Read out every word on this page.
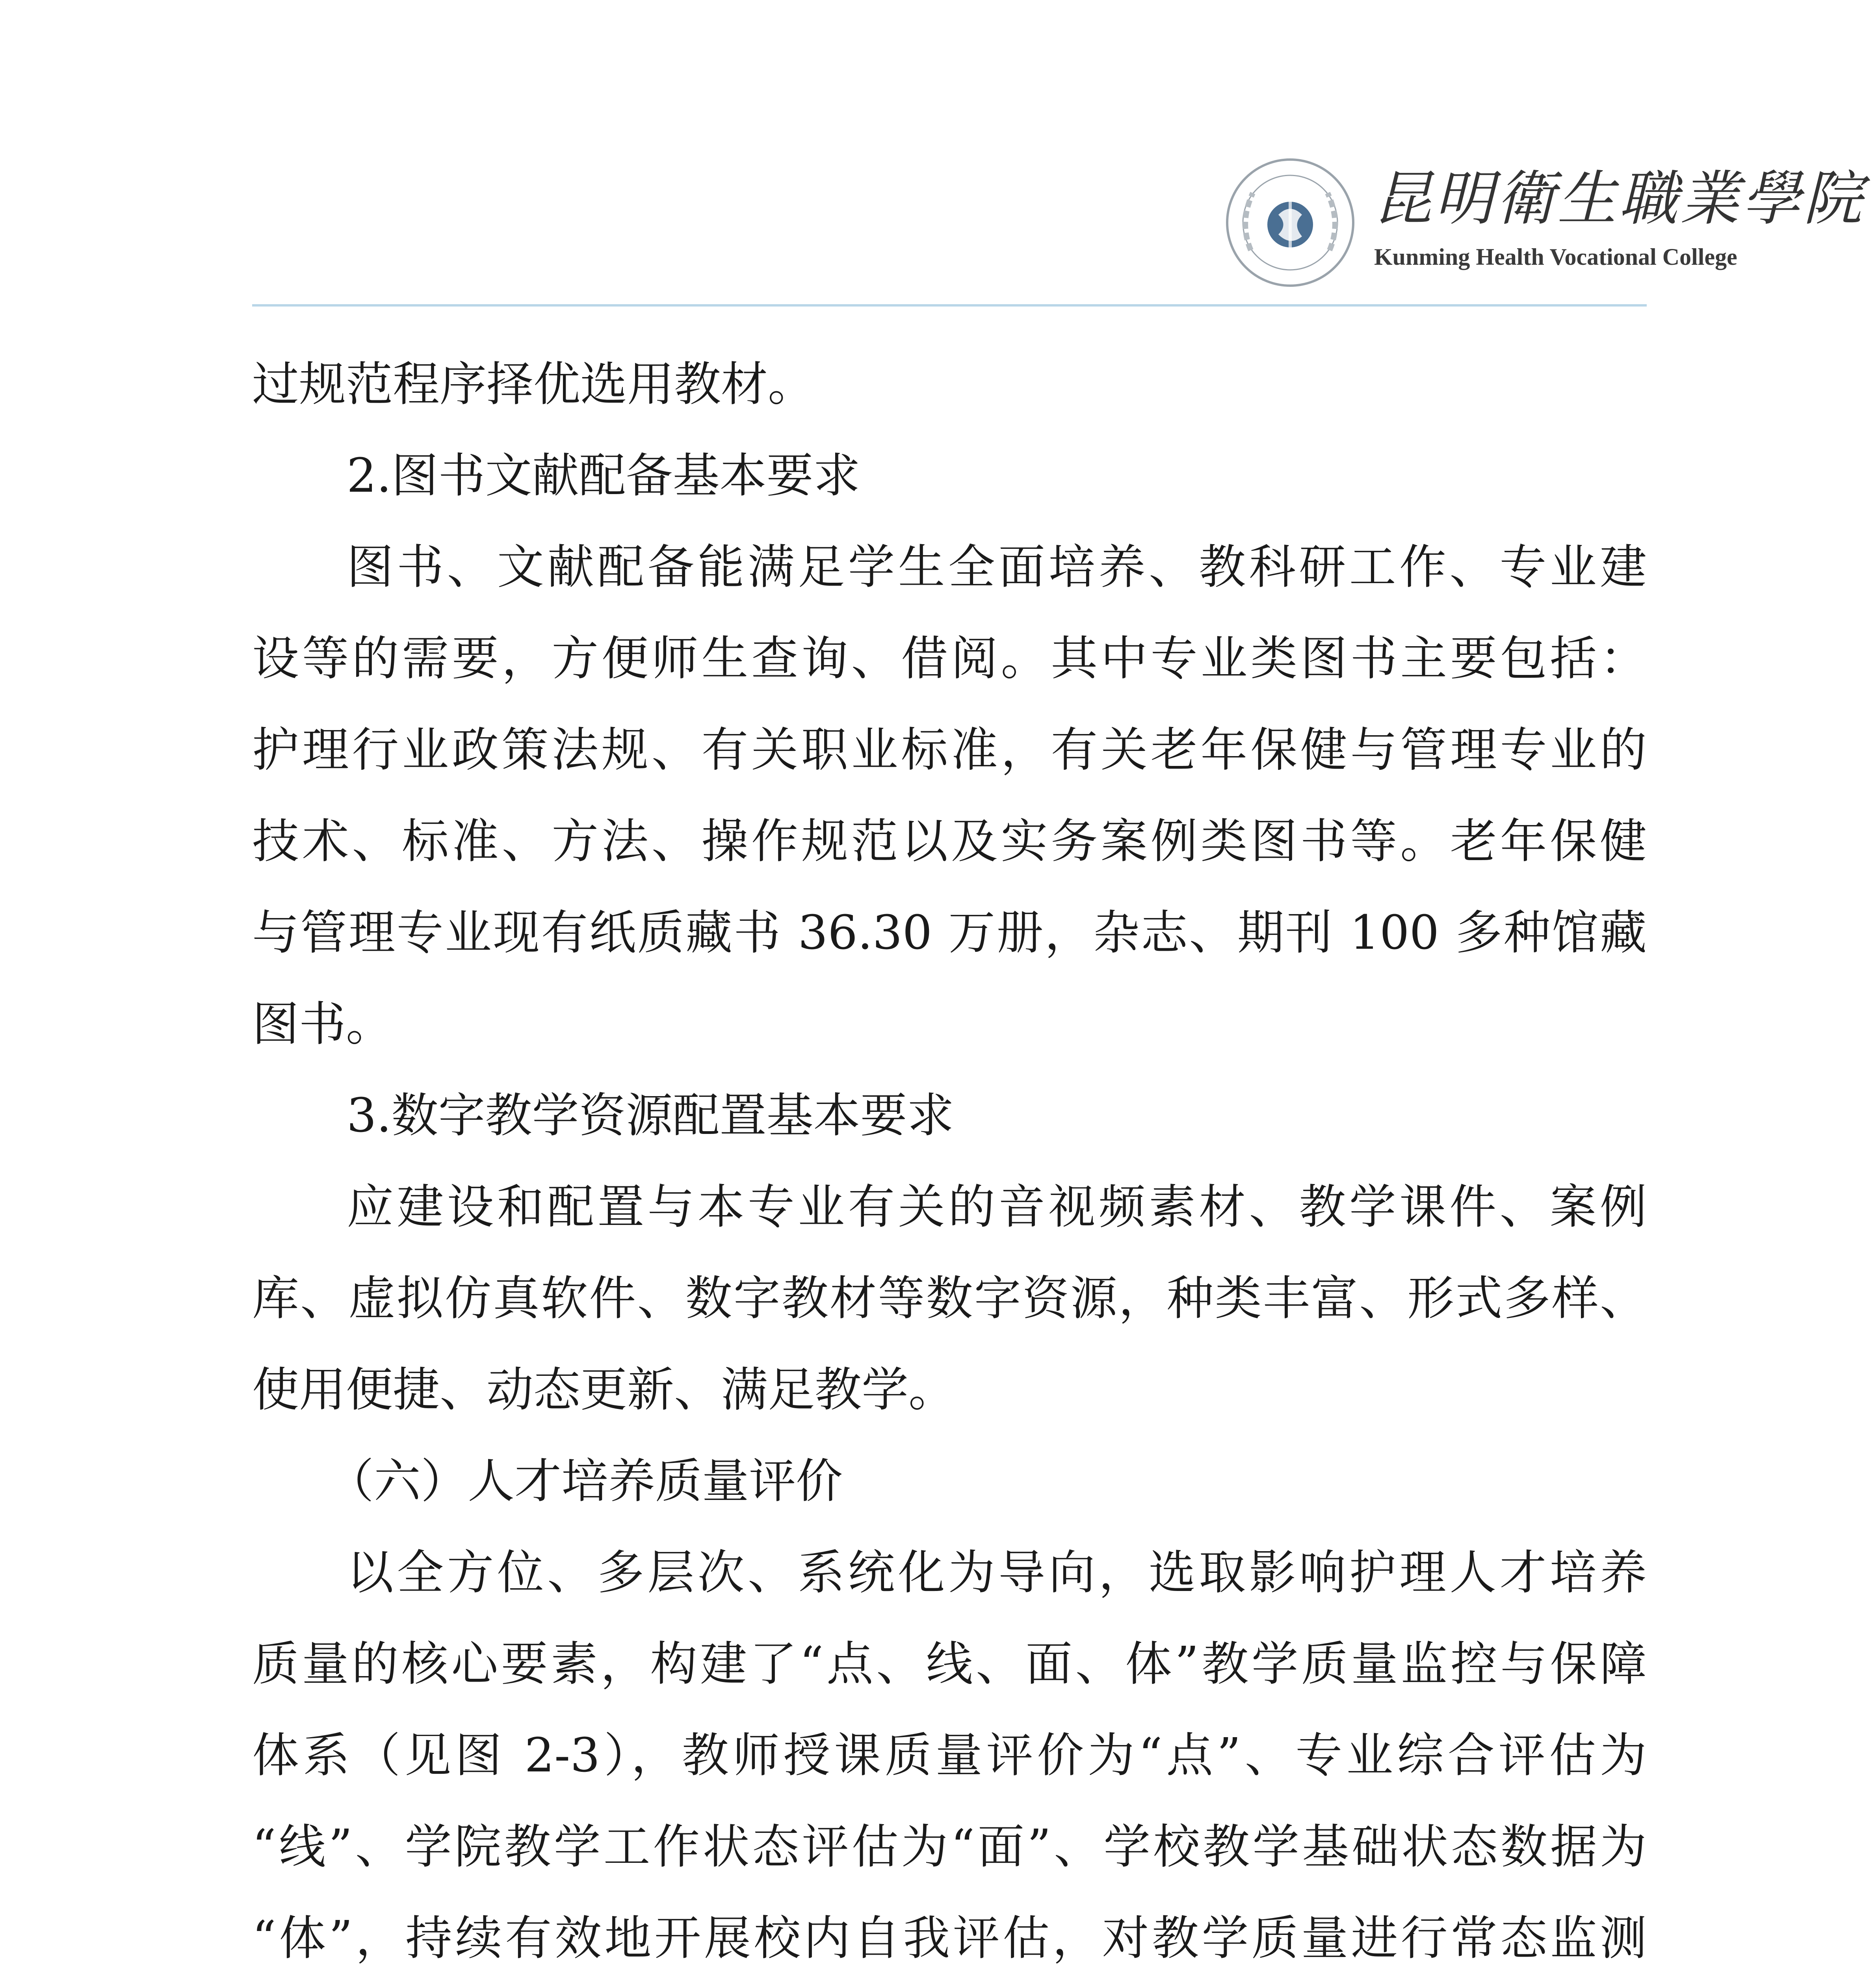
昆明衛生職業學院
Kunming Health Vocational College
过规范程序择优选用教材。
2.图书文献配备基本要求
图书、文献配备能满足学生全面培养、教科研工作、专业建
设等的需要，方便师生查询、借阅。其中专业类图书主要包括：
护理行业政策法规、有关职业标准，有关老年保健与管理专业的
技术、标准、方法、操作规范以及实务案例类图书等。老年保健
与管理专业现有纸质藏书 36.30 万册，杂志、期刊 100 多种馆藏
图书。
3.数字教学资源配置基本要求
应建设和配置与本专业有关的音视频素材、教学课件、案例
库、虚拟仿真软件、数字教材等数字资源，种类丰富、形式多样、
使用便捷、动态更新、满足教学。
（六）人才培养质量评价
以全方位、多层次、系统化为导向，选取影响护理人才培养
质量的核心要素，构建了“点、线、面、体”教学质量监控与保障
体系（见图 2-3），教师授课质量评价为“点”、专业综合评估为
“线”、学院教学工作状态评估为“面”、学校教学基础状态数据为
“体”，持续有效地开展校内自我评估，对教学质量进行常态监测
